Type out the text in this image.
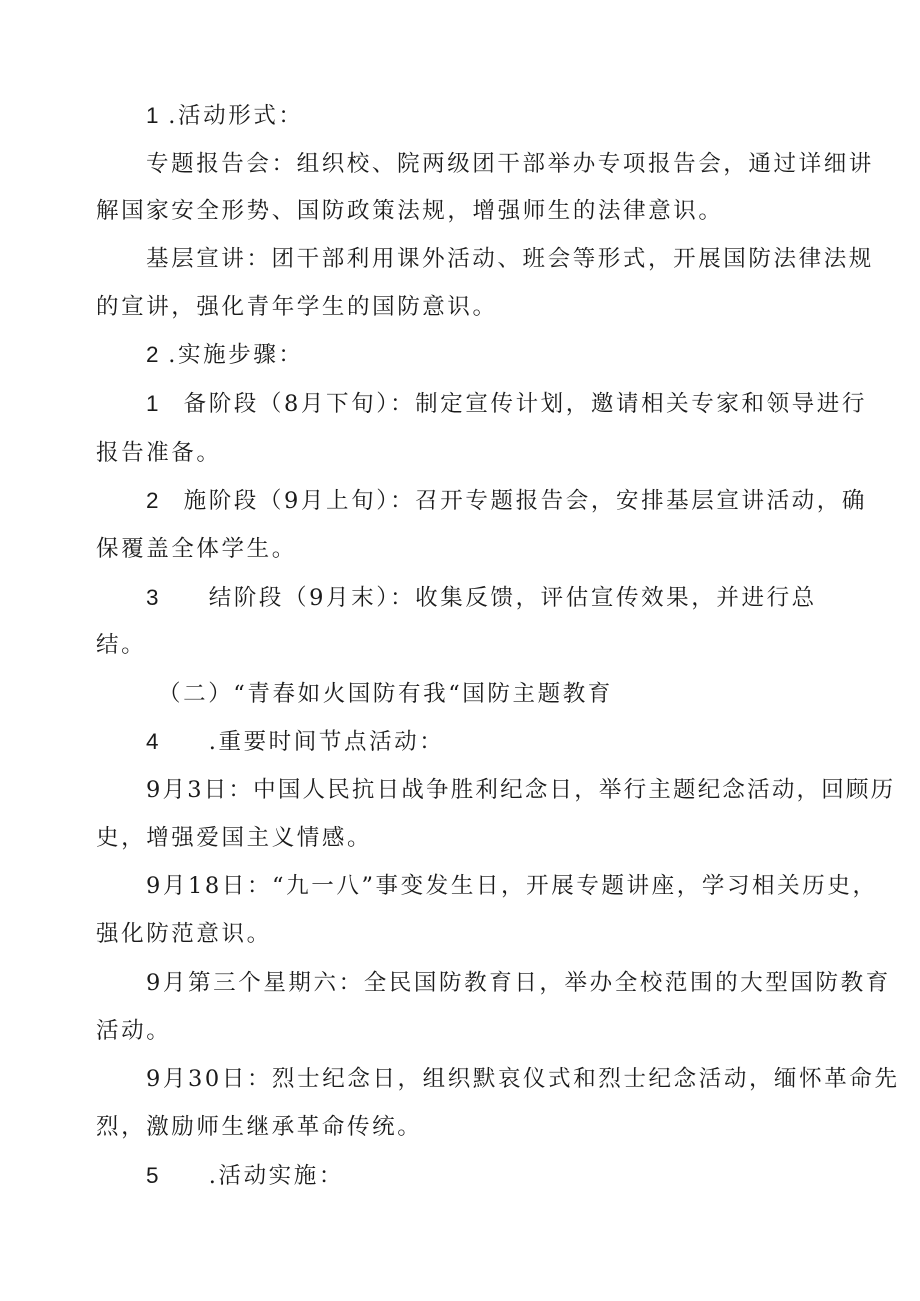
1 .活动形式：
专题报告会：组织校、院两级团干部举办专项报告会，通过详细讲
解国家安全形势、国防政策法规，增强师生的法律意识。
基层宣讲：团干部利用课外活动、班会等形式，开展国防法律法规
的宣讲，强化青年学生的国防意识。
2 .实施步骤：
1　备阶段（8月下旬）：制定宣传计划，邀请相关专家和领导进行
报告准备。
2　施阶段（9月上旬）：召开专题报告会，安排基层宣讲活动，确
保覆盖全体学生。
3　　结阶段（9月末）：收集反馈，评估宣传效果，并进行总
结。
（二）“青春如火国防有我“国防主题教育
4　　.重要时间节点活动：
9月3日：中国人民抗日战争胜利纪念日，举行主题纪念活动，回顾历
史，增强爱国主义情感。
9月18日：“九一八”事变发生日，开展专题讲座，学习相关历史，
强化防范意识。
9月第三个星期六：全民国防教育日，举办全校范围的大型国防教育
活动。
9月30日：烈士纪念日，组织默哀仪式和烈士纪念活动，缅怀革命先
烈，激励师生继承革命传统。
5　　.活动实施：
